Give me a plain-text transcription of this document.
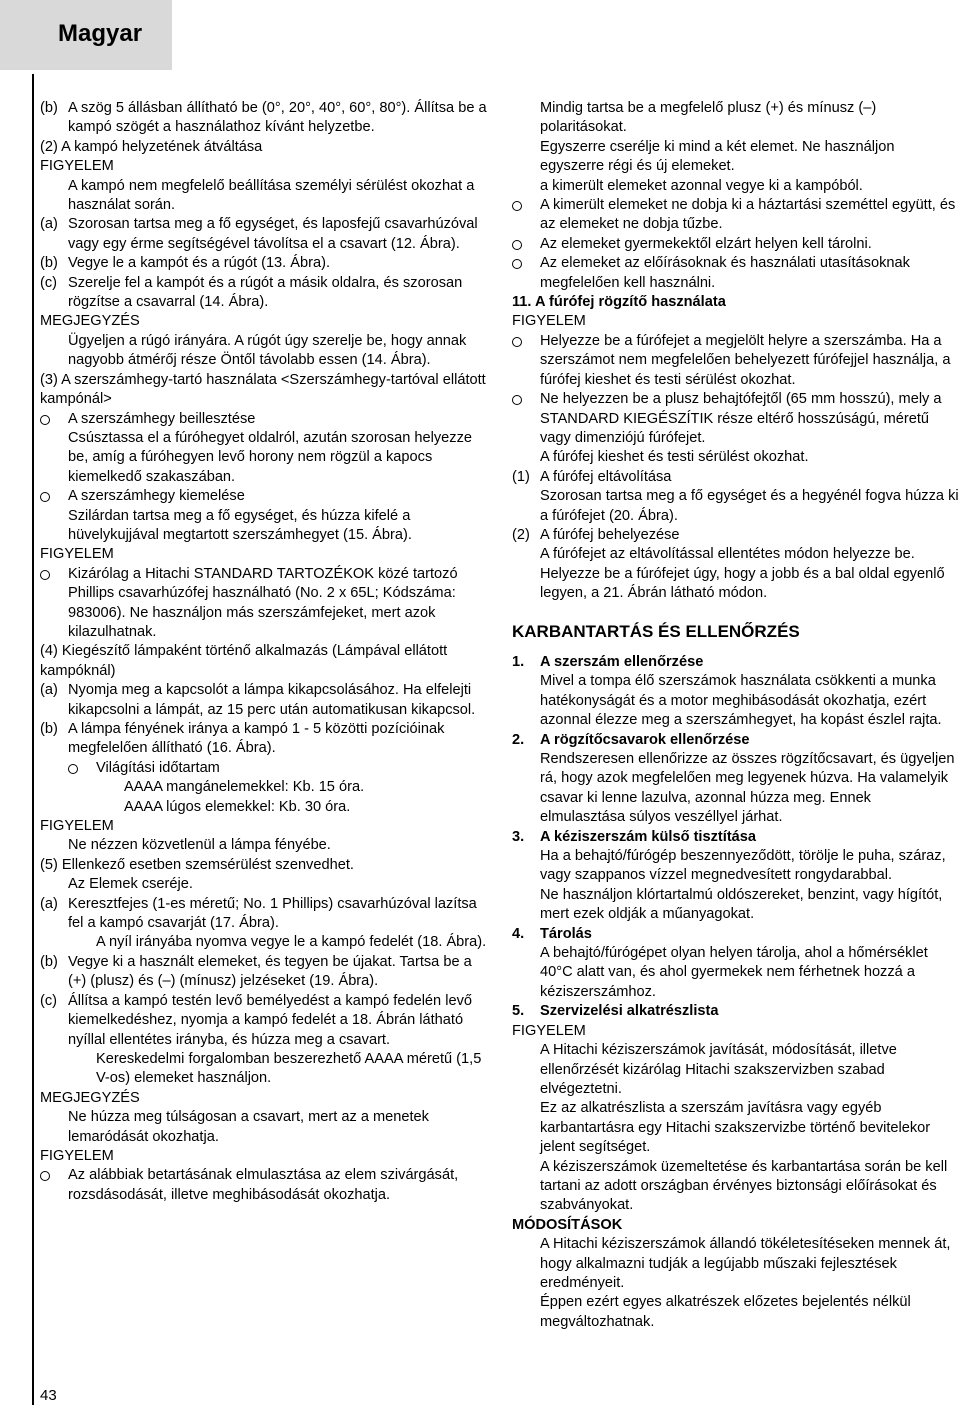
Magyar
43
(b) A szög 5 állásban állítható be (0°, 20°, 40°, 60°, 80°). Állítsa be a kampó szögét a használathoz kívánt helyzetbe.
(2) A kampó helyzetének átváltása
FIGYELEM
A kampó nem megfelelő beállítása személyi sérülést okozhat a használat során.
(a) Szorosan tartsa meg a fő egységet, és laposfejű csavarhúzóval vagy egy érme segítségével távolítsa el a csavart (12. Ábra).
(b) Vegye le a kampót és a rúgót (13. Ábra).
(c) Szerelje fel a kampót és a rúgót a másik oldalra, és szorosan rögzítse a csavarral (14. Ábra).
MEGJEGYZÉS
Ügyeljen a rúgó irányára. A rúgót úgy szerelje be, hogy annak nagyobb átmérőj része Öntől távolabb essen (14. Ábra).
(3) A szerszámhegy-tartó használata <Szerszámhegy-tartóval ellátott kampónál>
A szerszámhegy beillesztése
Csúsztassa el a fúróhegyet oldalról, azután szorosan helyezze be, amíg a fúróhegyen levő horony nem rögzül a kapocs kiemelkedő szakaszában.
A szerszámhegy kiemelése
Szilárdan tartsa meg a fő egységet, és húzza kifelé a hüvelykujjával megtartott szerszámhegyet (15. Ábra).
FIGYELEM
Kizárólag a Hitachi STANDARD TARTOZÉKOK közé tartozó Phillips csavarhúzófej használható (No. 2 x 65L; Kódszáma: 983006). Ne használjon más szerszámfejeket, mert azok kilazulhatnak.
(4) Kiegészítő lámpaként történő alkalmazás (Lámpával ellátott kampóknál)
(a) Nyomja meg a kapcsolót a lámpa kikapcsolásához. Ha elfelejti kikapcsolni a lámpát, az 15 perc után automatikusan kikapcsol.
(b) A lámpa fényének iránya a kampó 1 - 5 közötti pozícióinak megfelelően állítható (16. Ábra).
Világítási időtartam
AAAA mangánelemekkel: Kb. 15 óra.
AAAA lúgos elemekkel: Kb. 30 óra.
FIGYELEM
Ne nézzen közvetlenül a lámpa fényébe.
(5) Ellenkező esetben szemsérülést szenvedhet.
Az Elemek cseréje.
(a) Keresztfejes (1-es méretű; No. 1 Phillips) csavarhúzóval lazítsa fel a kampó csavarját (17. Ábra).
A nyíl irányába nyomva vegye le a kampó fedelét (18. Ábra).
(b) Vegye ki a használt elemeket, és tegyen be újakat. Tartsa be a (+) (plusz) és (–) (mínusz) jelzéseket (19. Ábra).
(c) Állítsa a kampó testén levő bemélyedést a kampó fedelén levő kiemelkedéshez, nyomja a kampó fedelét a 18. Ábrán látható nyíllal ellentétes irányba, és húzza meg a csavart.
Kereskedelmi forgalomban beszerezhető AAAA méretű (1,5 V-os) elemeket használjon.
MEGJEGYZÉS
Ne húzza meg túlságosan a csavart, mert az a menetek lemaródását okozhatja.
FIGYELEM
Az alábbiak betartásának elmulasztása az elem szivárgását, rozsdásodását, illetve meghibásodását okozhatja.
Mindig tartsa be a megfelelő plusz (+) és mínusz (–) polaritásokat.
Egyszerre cserélje ki mind a két elemet. Ne használjon egyszerre régi és új elemeket.
a kimerült elemeket azonnal vegye ki a kampóból.
A kimerült elemeket ne dobja ki a háztartási szeméttel együtt, és az elemeket ne dobja tűzbe.
Az elemeket gyermekektől elzárt helyen kell tárolni.
Az elemeket az előírásoknak és használati utasításoknak megfelelően kell használni.
11. A fúrófej rögzítő használata
FIGYELEM
Helyezze be a fúrófejet a megjelölt helyre a szerszámba. Ha a szerszámot nem megfelelően behelyezett fúrófejjel használja, a fúrófej kieshet és testi sérülést okozhat.
Ne helyezzen be a plusz behajtófejtől (65 mm hosszú), mely a STANDARD KIEGÉSZÍTIK része eltérő hosszúságú, méretű vagy dimenziójú fúrófejet.
A fúrófej kieshet és testi sérülést okozhat.
(1) A fúrófej eltávolítása
Szorosan tartsa meg a fő egységet és a hegyénél fogva húzza ki a fúrófejet (20. Ábra).
(2) A fúrófej behelyezése
A fúrófejet az eltávolítással ellentétes módon helyezze be. Helyezze be a fúrófejet úgy, hogy a jobb és a bal oldal egyenlő legyen, a 21. Ábrán látható módon.
KARBANTARTÁS ÉS ELLENŐRZÉS
1. A szerszám ellenőrzése
Mivel a tompa élő szerszámok használata csökkenti a munka hatékonyságát és a motor meghibásodását okozhatja, ezért azonnal élezze meg a szerszámhegyet, ha kopást észlel rajta.
2. A rögzítőcsavarok ellenőrzése
Rendszeresen ellenőrizze az összes rögzítőcsavart, és ügyeljen rá, hogy azok megfelelően meg legyenek húzva. Ha valamelyik csavar ki lenne lazulva, azonnal húzza meg. Ennek elmulasztása súlyos veszéllyel járhat.
3. A kéziszerszám külső tisztítása
Ha a behajtó/fúrógép beszennyeződött, törölje le puha, száraz, vagy szappanos vízzel megnedvesített rongydarabbal.
Ne használjon klórtartalmú oldószereket, benzint, vagy hígítót, mert ezek oldják a műanyagokat.
4. Tárolás
A behajtó/fúrógépet olyan helyen tárolja, ahol a hőmérséklet 40°C alatt van, és ahol gyermekek nem férhetnek hozzá a kéziszerszámhoz.
5. Szervizelési alkatrészlista
FIGYELEM
A Hitachi kéziszerszámok javítását, módosítását, illetve ellenőrzését kizárólag Hitachi szakszervizben szabad elvégeztetni.
Ez az alkatrészlista a szerszám javításra vagy egyéb karbantartásra egy Hitachi szakszervizbe történő bevitelekor jelent segítséget.
A kéziszerszámok üzemeltetése és karbantartása során be kell tartani az adott országban érvényes biztonsági előírásokat és szabványokat.
MÓDOSÍTÁSOK
A Hitachi kéziszerszámok állandó tökéletesítéseken mennek át, hogy alkalmazni tudják a legújabb műszaki fejlesztések eredményeit.
Éppen ezért egyes alkatrészek előzetes bejelentés nélkül megváltozhatnak.
